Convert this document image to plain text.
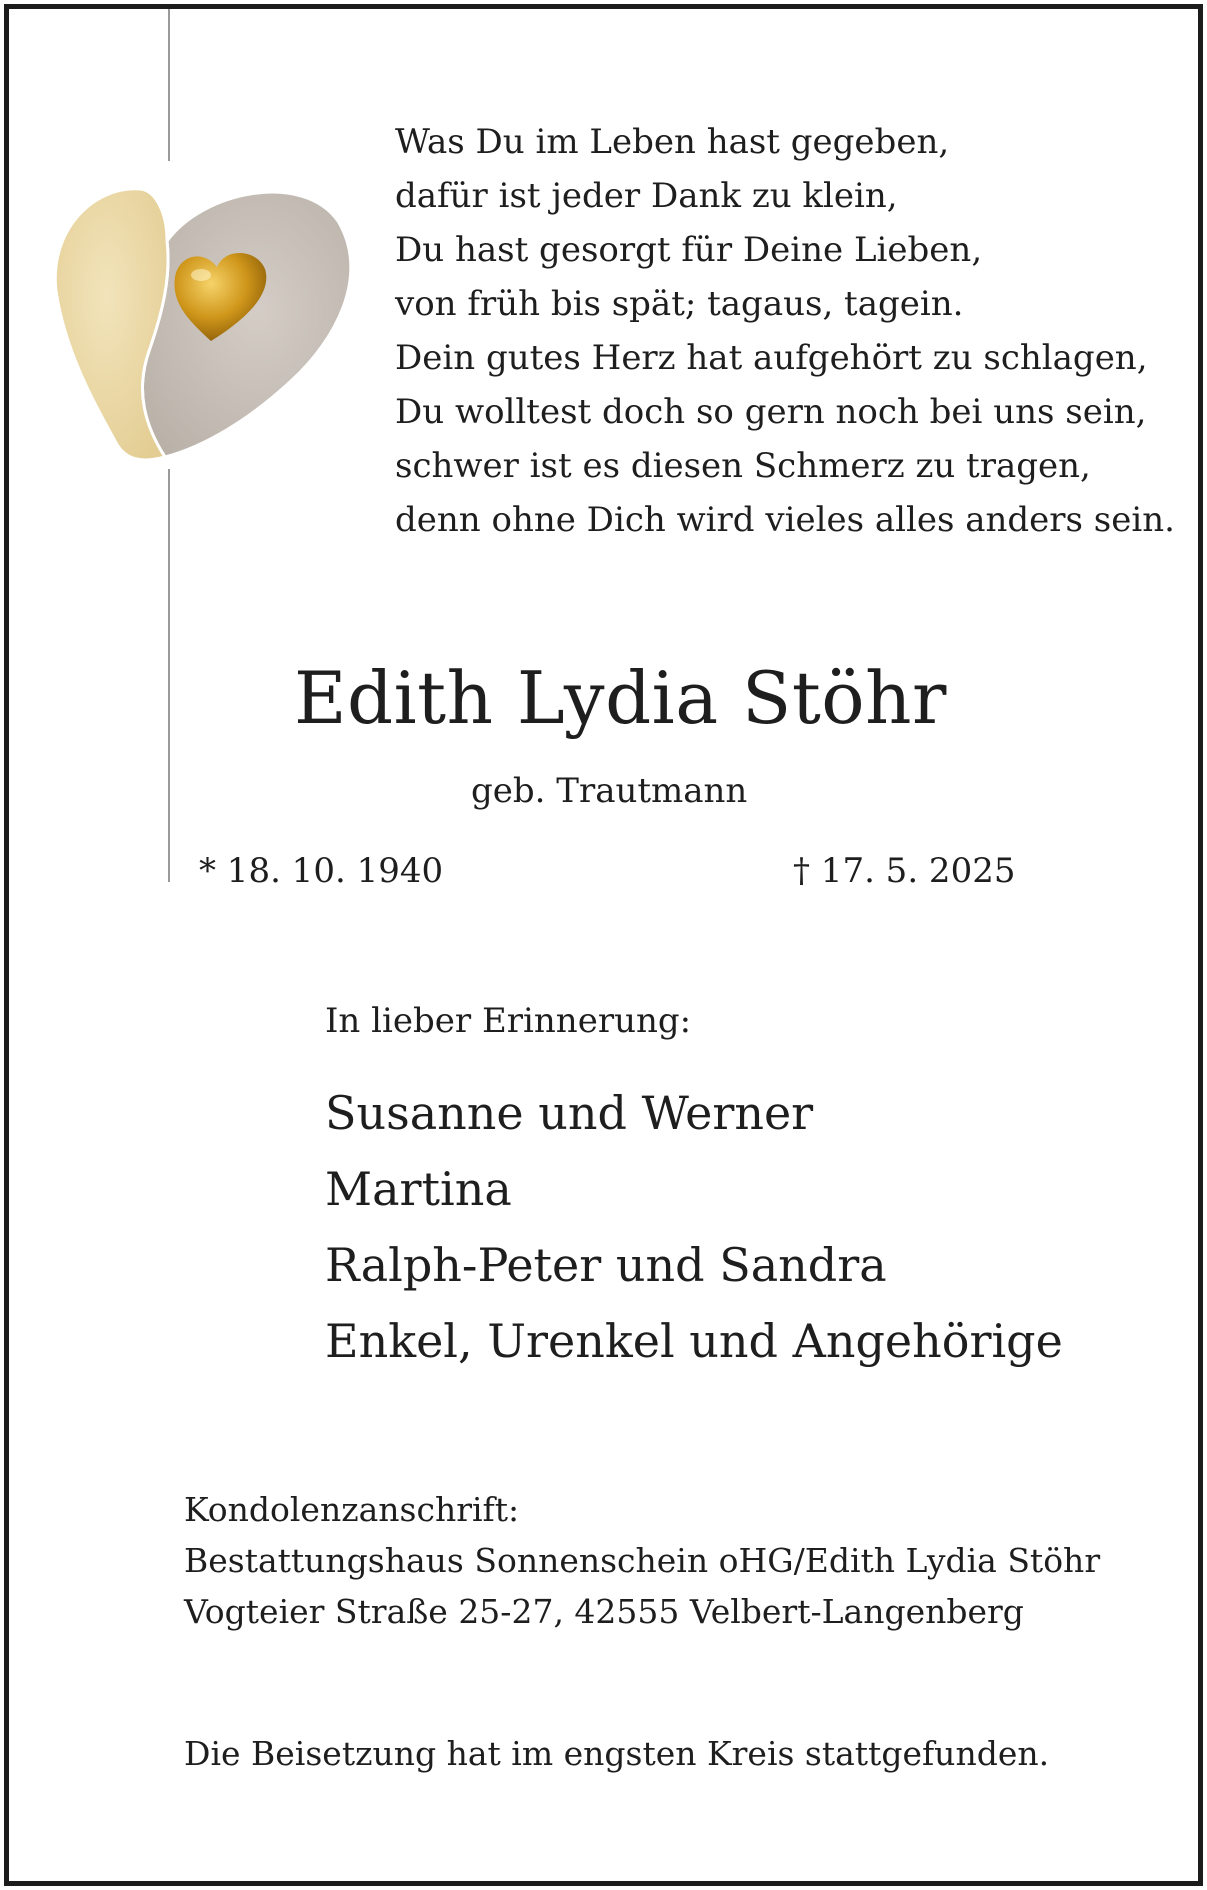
Was Du im Leben hast gegeben,
dafür ist jeder Dank zu klein,
Du hast gesorgt für Deine Lieben,
von früh bis spät; tagaus, tagein.
Dein gutes Herz hat aufgehört zu schlagen,
Du wolltest doch so gern noch bei uns sein,
schwer ist es diesen Schmerz zu tragen,
denn ohne Dich wird vieles alles anders sein.
Edith Lydia Stöhr
geb. Trautmann
* 18. 10. 1940	† 17. 5. 2025
In lieber Erinnerung:
Susanne und Werner
Martina
Ralph-Peter und Sandra
Enkel, Urenkel und Angehörige
Kondolenzanschrift:
Bestattungshaus Sonnenschein oHG/Edith Lydia Stöhr
Vogteier Straße 25-27, 42555 Velbert-Langenberg
Die Beisetzung hat im engsten Kreis stattgefunden.
